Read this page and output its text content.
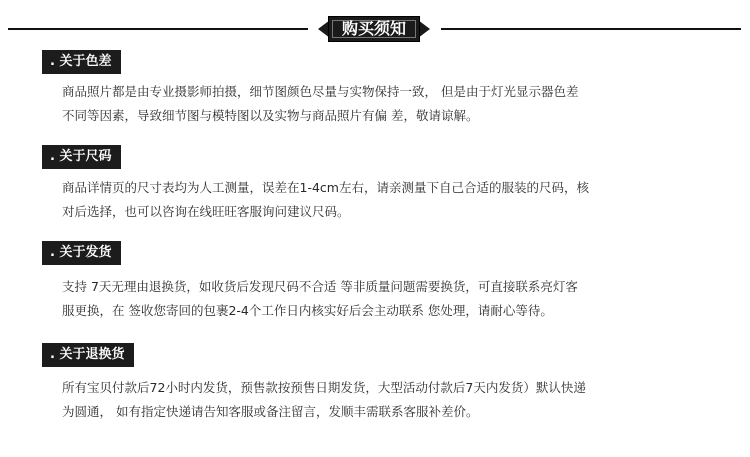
购买须知
. 关于色差

商品照片都是由专业摄影师拍摄，细节图颜色尽量与实物保持一致， 但是由于灯光显示器色差

不同等因素，导致细节图与模特图以及实物与商品照片有偏 差，敬请谅解。

. 关于尺码

商品详情页的尺寸表均为人工测量，误差在1-4cm左右，请亲测量下自己合适的服装的尺码，核

对后选择，也可以咨询在线旺旺客服询问建议尺码。

. 关于发货

支持 7天无理由退换货，如收货后发现尺码不合适 等非质量问题需要换货，可直接联系亮灯客

服更换，在 签收您寄回的包裹2-4个工作日内核实好后会主动联系 您处理，请耐心等待。

. 关于退换货

所有宝贝付款后72小时内发货，预售款按预售日期发货，大型活动付款后7天内发货）默认快递

为圆通， 如有指定快递请告知客服或备注留言，发顺丰需联系客服补差价。
